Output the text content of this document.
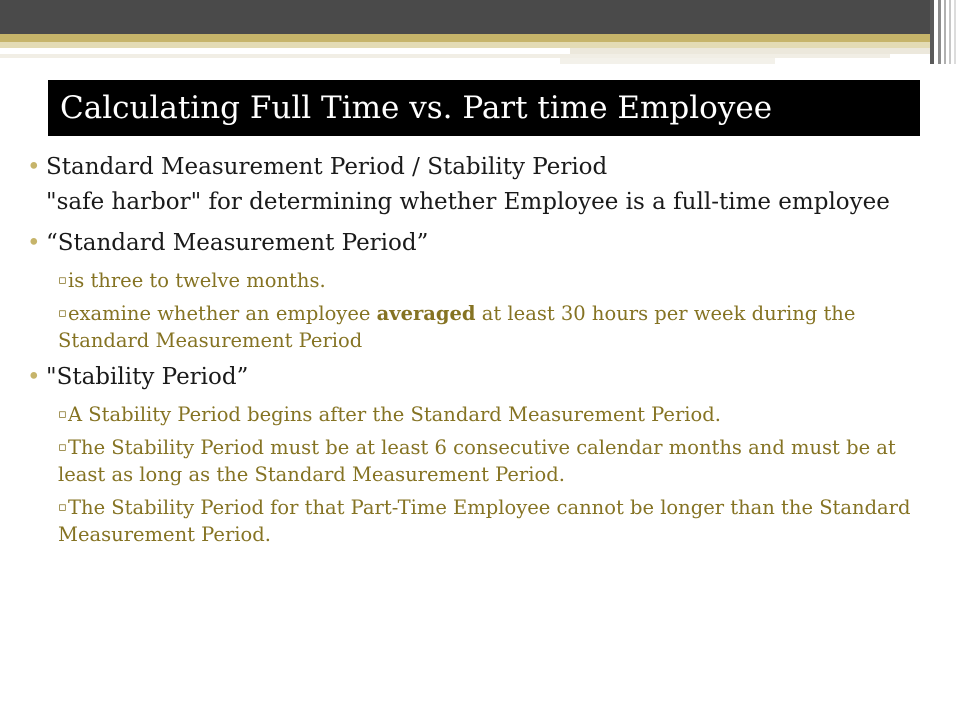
Calculating Full Time vs. Part time Employee

• Standard Measurement Period / Stability Period

"safe harbor" for determining whether Employee is a full-time employee

• “Standard Measurement Period”

▫ is three to twelve months.

▫ examine whether an employee averaged at least 30 hours per week during the Standard Measurement Period

• "Stability Period”

▫ A Stability Period begins after the Standard Measurement Period.

▫ The Stability Period must be at least 6 consecutive calendar months and must be at least as long as the Standard Measurement Period.

▫ The Stability Period for that Part-Time Employee cannot be longer than the Standard Measurement Period.
